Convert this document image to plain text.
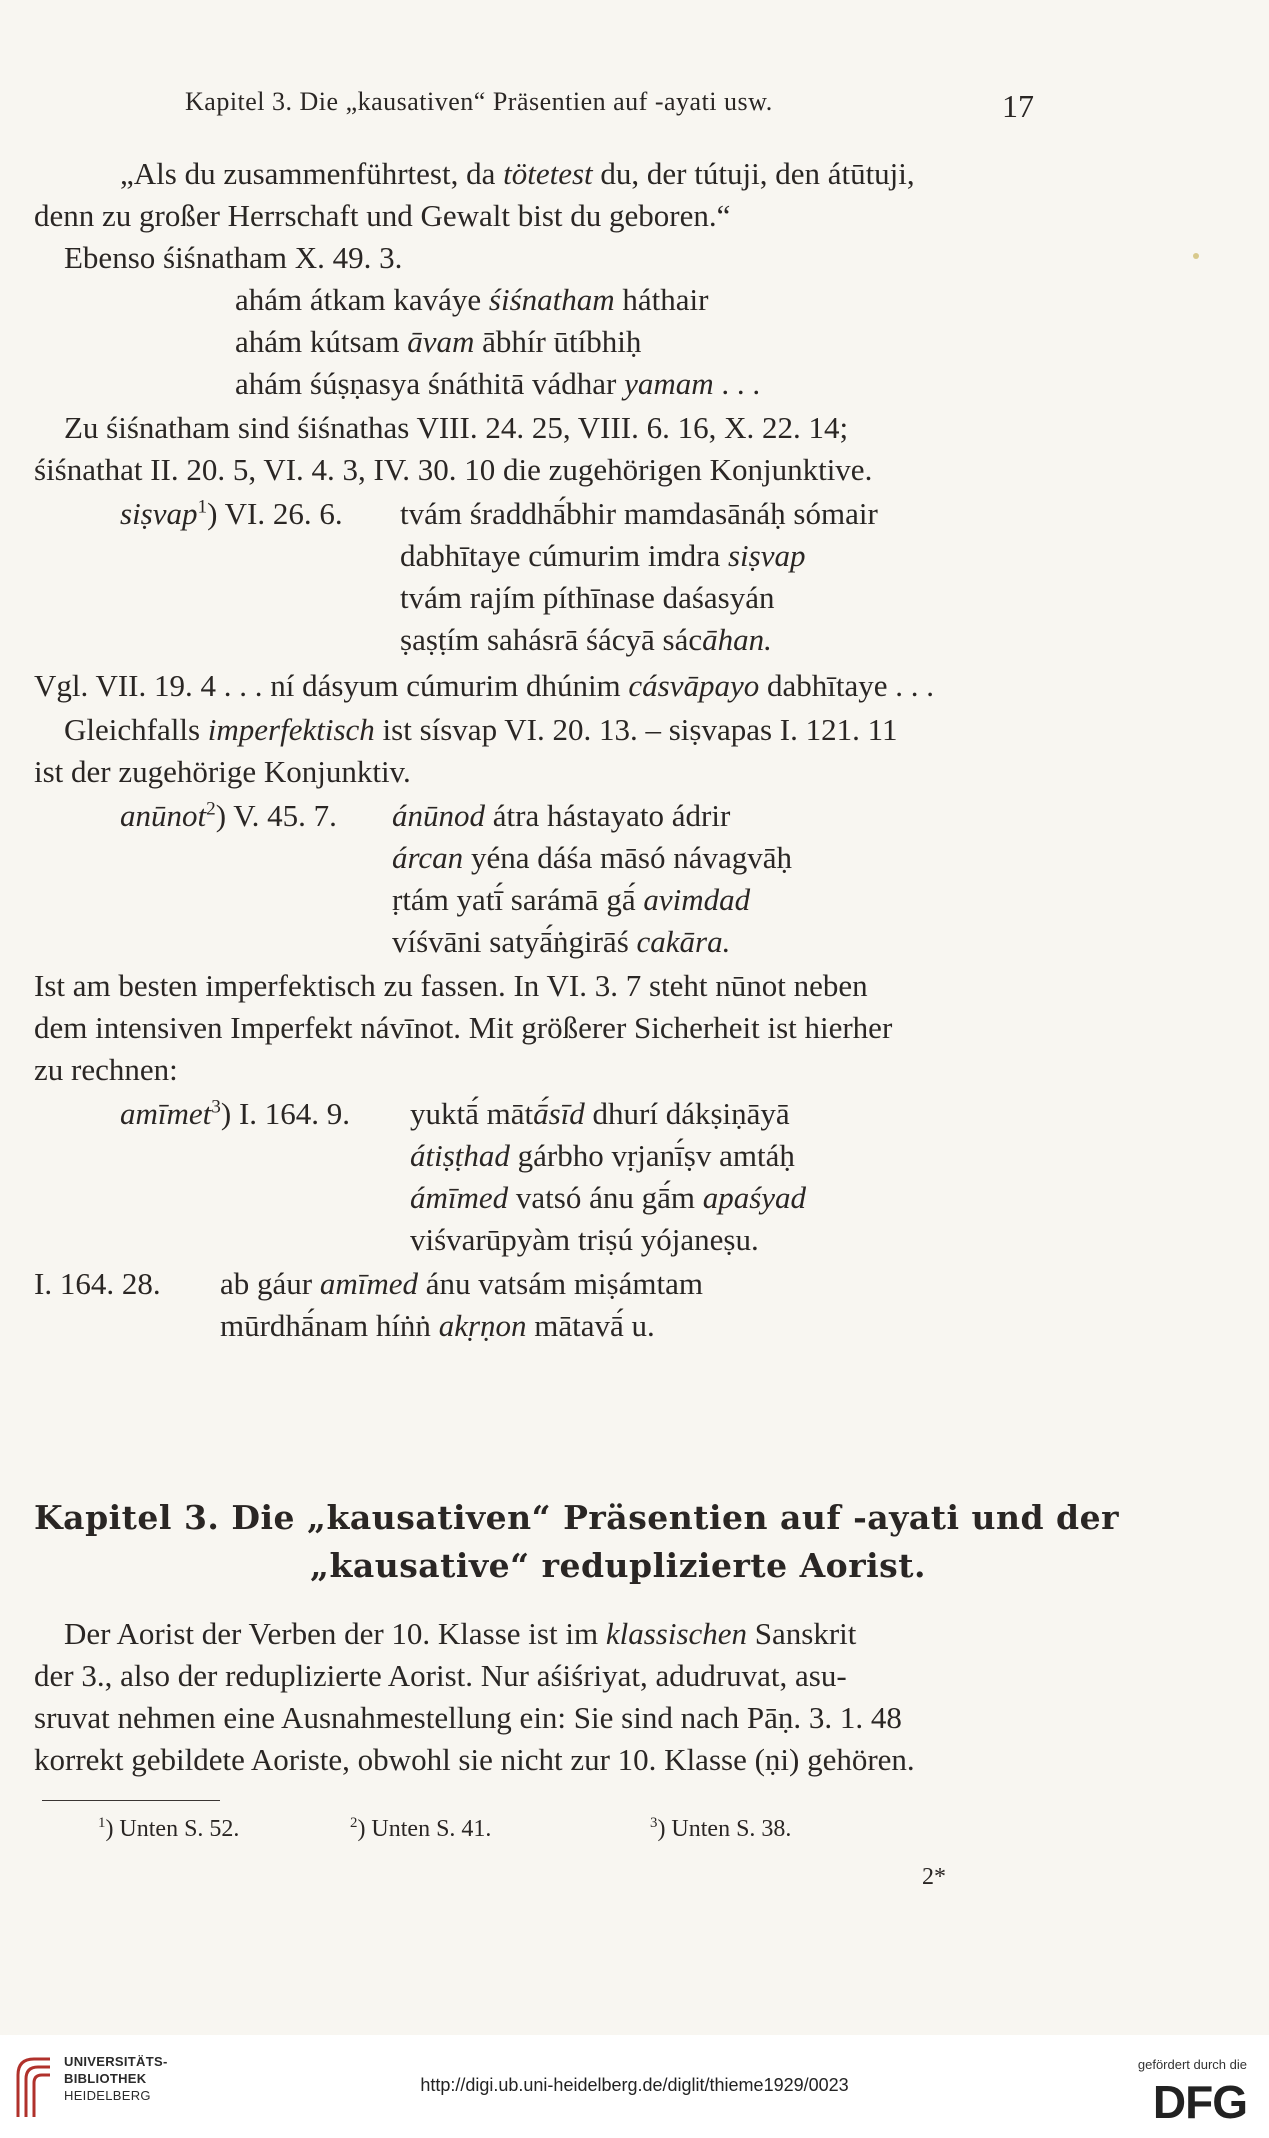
Kapitel 3. Die „kausativen“ Präsentien auf -ayati usw.	17
„Als du zusammenführtest, da tötetest du, der tútuji, den átūtuji,
denn zu großer Herrschaft und Gewalt bist du geboren.“
Ebenso śiśnatham X. 49. 3.
ahám átkam kaváye śiśnatham háthair
ahám kútsam āvam ābhír ūtíbhiḥ
ahám śúṣṇasya śnáthitā vádhar yamam . . .
Zu śiśnatham sind śiśnathas VIII. 24. 25, VIII. 6. 16, X. 22. 14;
śiśnathat II. 20. 5, VI. 4. 3, IV. 30. 10 die zugehörigen Konjunktive.
siṣvap$^1$) VI. 26. 6. tvám śraddhā́bhir mamdasānáḥ sómair
dabhītaye cúmurim imdra siṣvap
tvám rajím píthīnase daśasyán
ṣaṣṭím sahásrā śácyā sácāhan.
Vgl. VII. 19. 4 . . . ní dásyum cúmurim dhúnim cásvāpayo dabhītaye . . .
Gleichfalls imperfektisch ist sísvap VI. 20. 13. – siṣvapas I. 121. 11
ist der zugehörige Konjunktiv.
anūnot$^2$) V. 45. 7. ánūnod átra hástayato ádrir
árcan yéna dáśa māsó návagvāḥ
ṛtám yatī́ sarámā gā́ avimdad
víśvāni satyā́ṅgirāś cakāra.
Ist am besten imperfektisch zu fassen. In VI. 3. 7 steht nūnot neben
dem intensiven Imperfekt návīnot. Mit größerer Sicherheit ist hierher
zu rechnen:
amīmet$^3$) I. 164. 9. yuktā́ mātā́sīd dhurí dákṣiṇāyā
átiṣṭhad gárbho vṛjanī́ṣv amtáḥ
ámīmed vatsó ánu gā́m apaśyad
viśvarūpyàm triṣú yójaneṣu.
I. 164. 28. ab gáur amīmed ánu vatsám miṣámtam
mūrdhā́nam híṅṅ akṛṇon mātavā́ u.
Kapitel 3. Die „kausativen“ Präsentien auf -ayati und der
„kausative“ reduplizierte Aorist.
Der Aorist der Verben der 10. Klasse ist im klassischen Sanskrit
der 3., also der reduplizierte Aorist. Nur aśiśriyat, adudruvat, asu-
sruvat nehmen eine Ausnahmestellung ein: Sie sind nach Pāṇ. 3. 1. 48
korrekt gebildete Aoriste, obwohl sie nicht zur 10. Klasse (ṇi) gehören.
$^1$) Unten S. 52.	$^2$) Unten S. 41.	$^3$) Unten S. 38.
2*
UNIVERSITÄTS-
BIBLIOTHEK
HEIDELBERG
http://digi.ub.uni-heidelberg.de/diglit/thieme1929/0023
gefördert durch die
DFG
